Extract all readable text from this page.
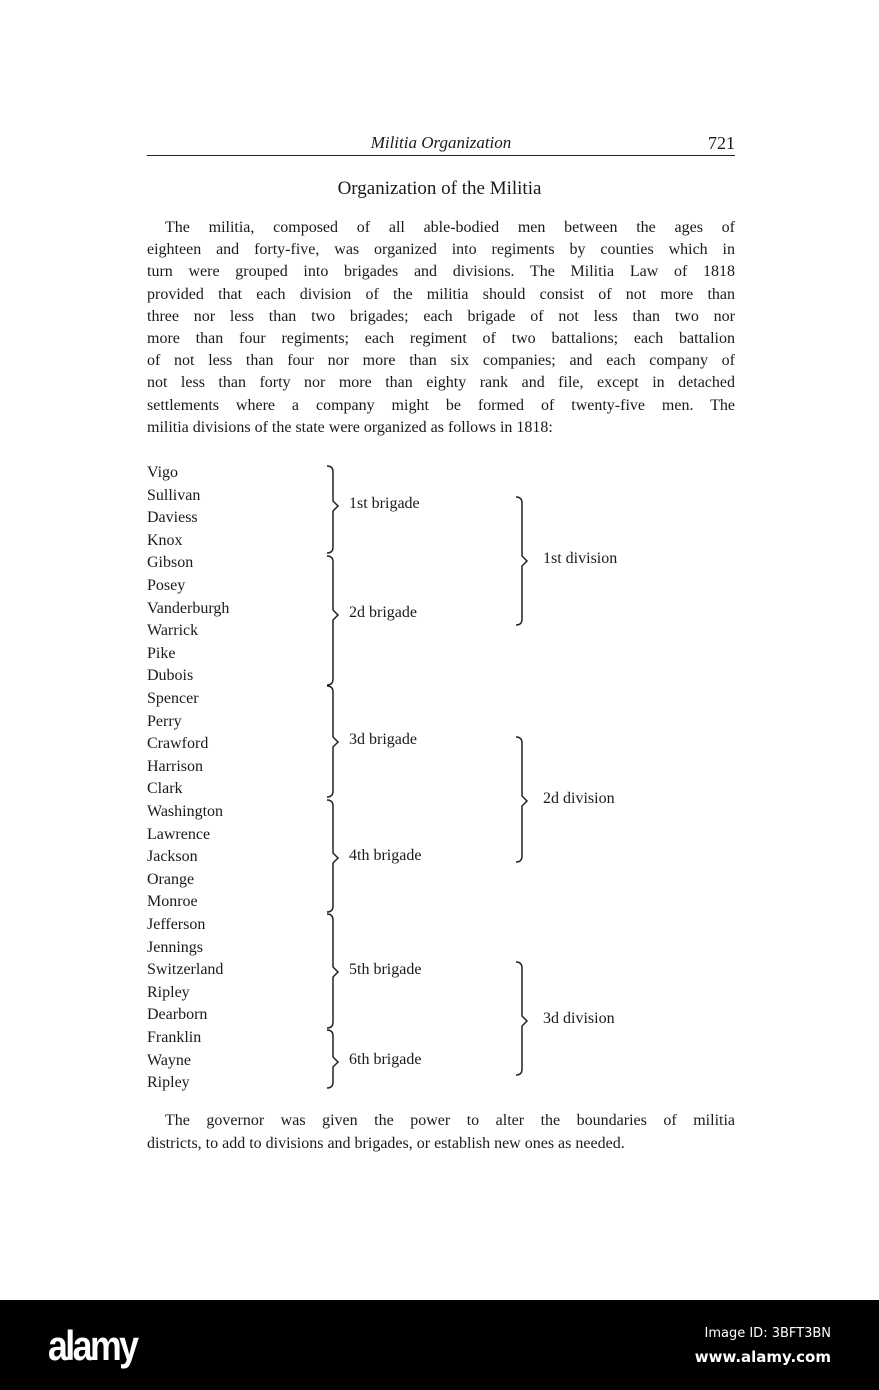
Militia Organization	721
Organization of the Militia
The militia, composed of all able-bodied men between the ages of
eighteen and forty-five, was organized into regiments by counties which in
turn were grouped into brigades and divisions. The Militia Law of 1818
provided that each division of the militia should consist of not more than
three nor less than two brigades; each brigade of not less than two nor
more than four regiments; each regiment of two battalions; each battalion
of not less than four nor more than six companies; and each company of
not less than forty nor more than eighty rank and file, except in detached
settlements where a company might be formed of twenty-five men. The
militia divisions of the state were organized as follows in 1818:
Vigo
Sullivan
Daviess
Knox
Gibson
Posey
Vanderburgh
Warrick
Pike
Dubois
Spencer
Perry
Crawford
Harrison
Clark
Washington
Lawrence
Jackson
Orange
Monroe
Jefferson
Jennings
Switzerland
Ripley
Dearborn
Franklin
Wayne
Ripley
1st brigade
2d brigade
3d brigade
4th brigade
5th brigade
6th brigade
1st division
2d division
3d division
The governor was given the power to alter the boundaries of militia
districts, to add to divisions and brigades, or establish new ones as needed.
alamy	Image ID: 3BFT3BN
www.alamy.com
